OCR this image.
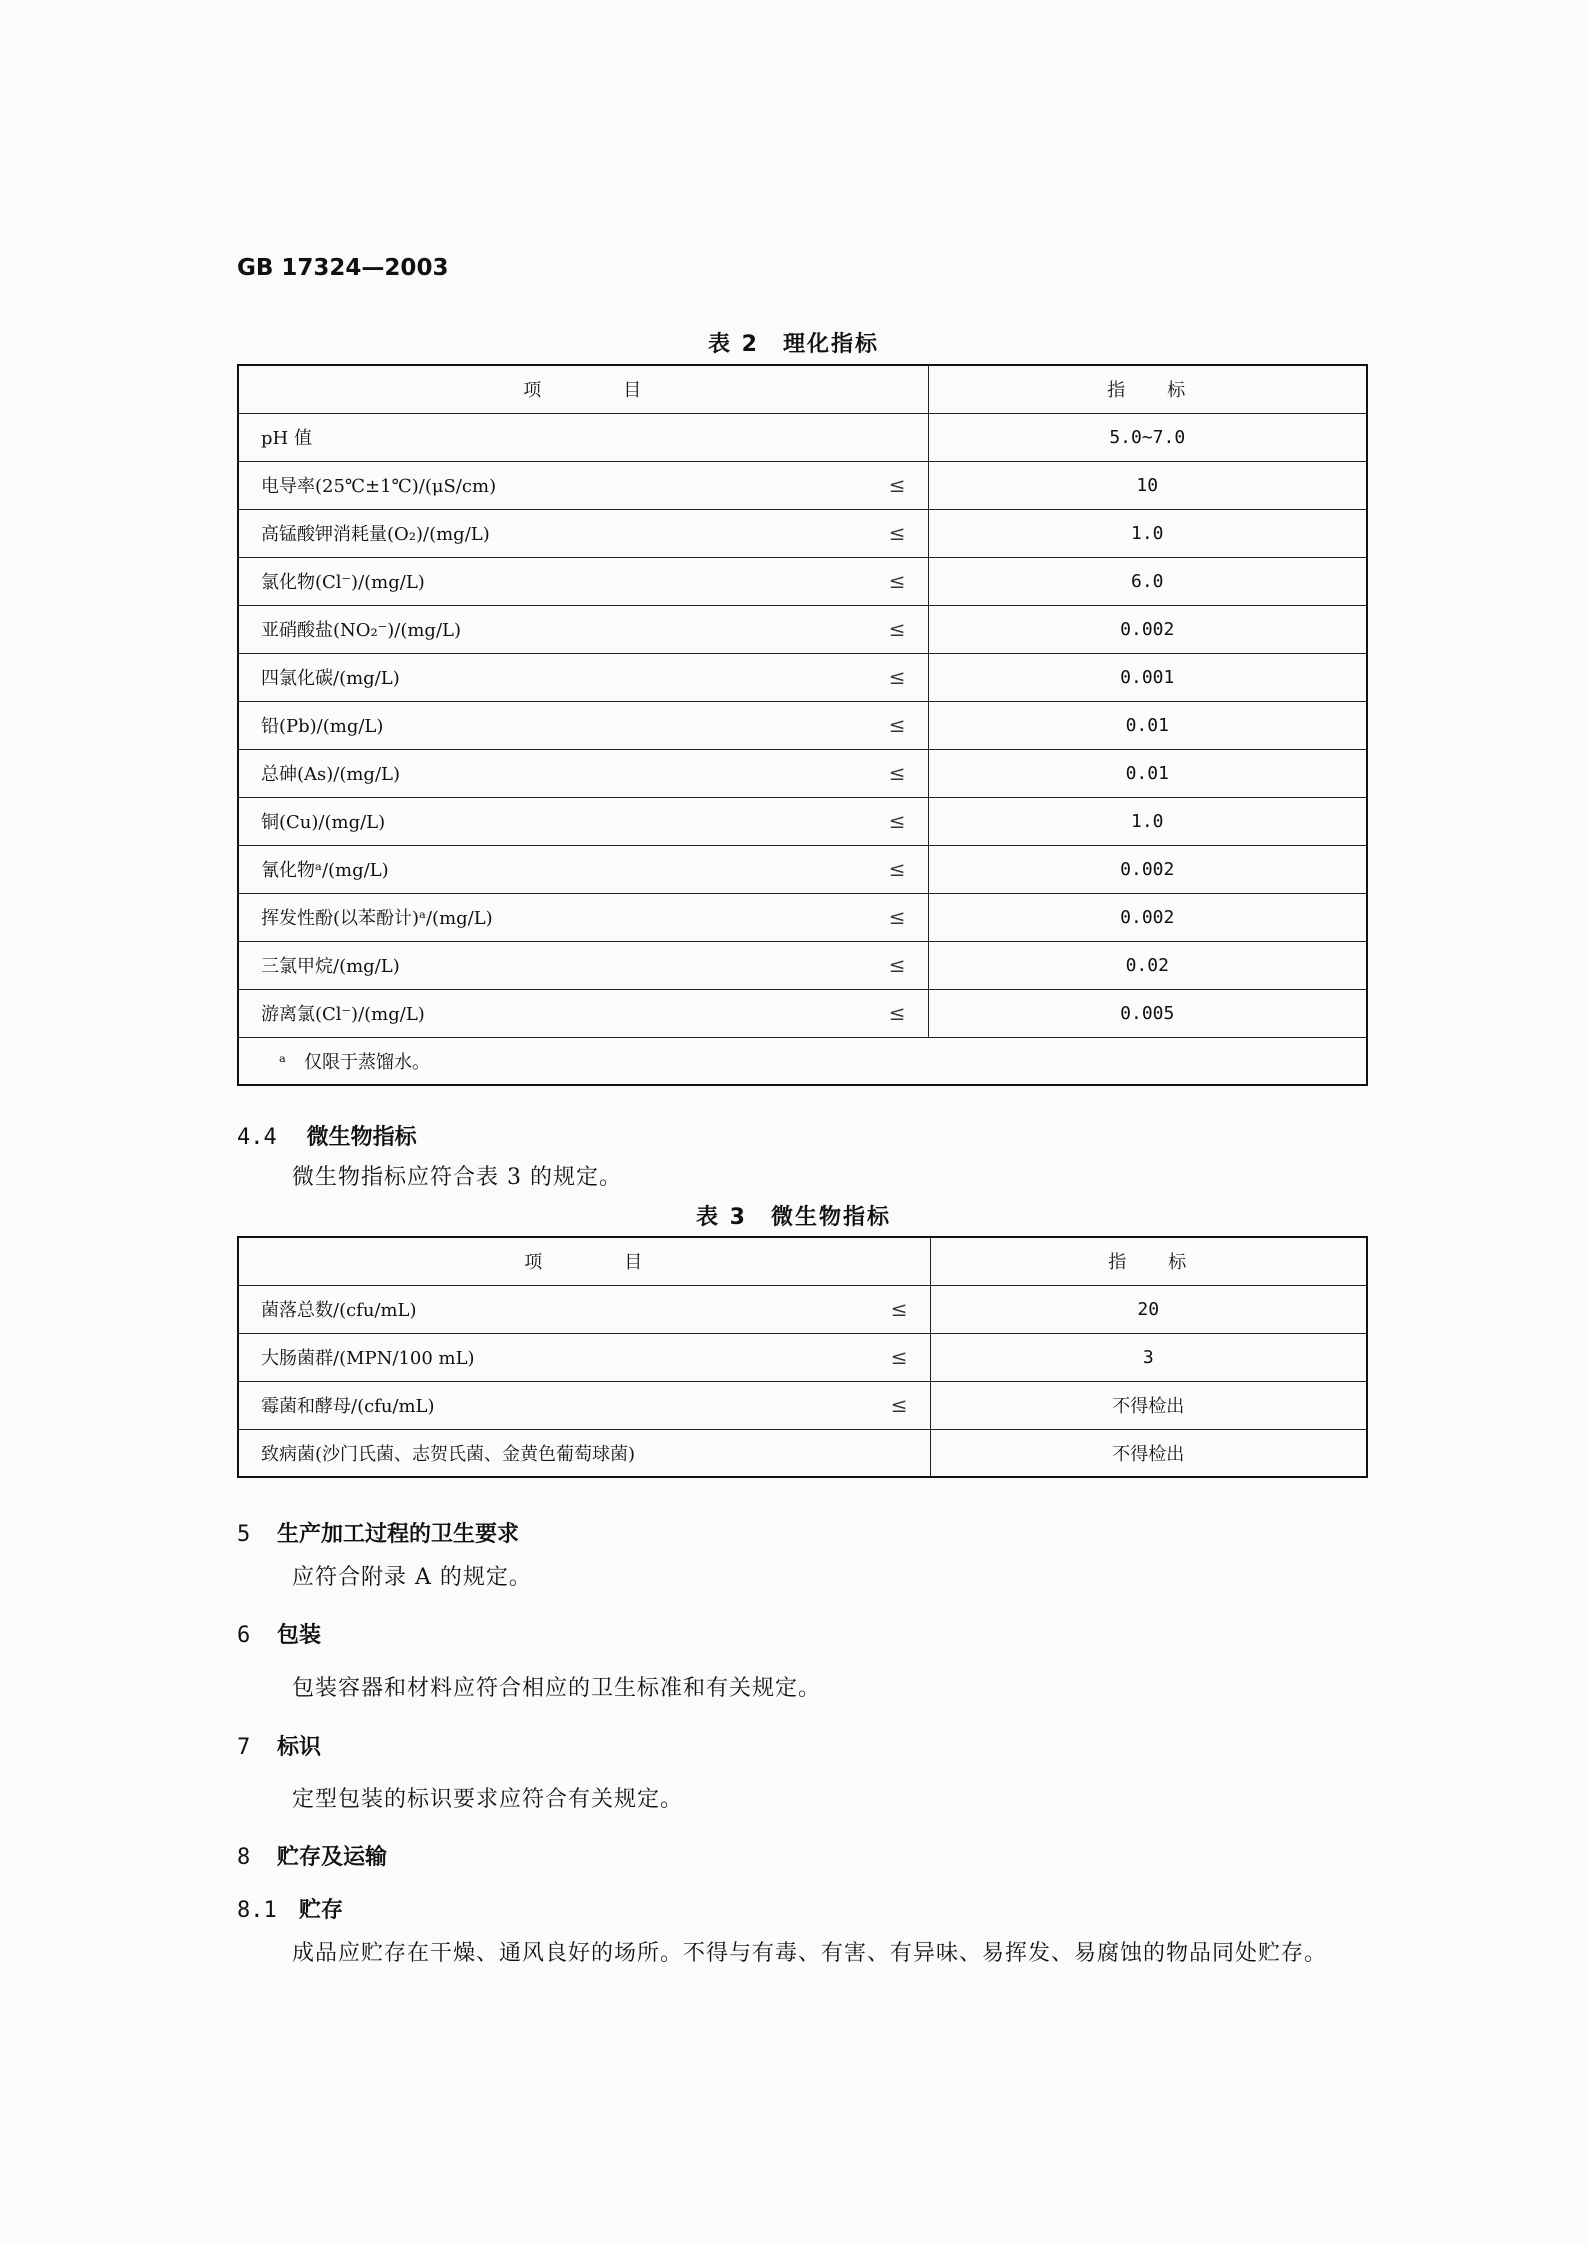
GB 17324—2003
表 2　理化指标
项　　　　目	指　　标

pH 值	5.0~7.0

电导率(25℃±1℃)/(μS/cm) ≤	10

高锰酸钾消耗量(O₂)/(mg/L) ≤	1.0

氯化物(Cl⁻)/(mg/L) ≤	6.0

亚硝酸盐(NO₂⁻)/(mg/L) ≤	0.002

四氯化碳/(mg/L) ≤	0.001

铅(Pb)/(mg/L) ≤	0.01

总砷(As)/(mg/L) ≤	0.01

铜(Cu)/(mg/L) ≤	1.0

氰化物ᵃ/(mg/L) ≤	0.002

挥发性酚(以苯酚计)ᵃ/(mg/L) ≤	0.002

三氯甲烷/(mg/L) ≤	0.02

游离氯(Cl⁻)/(mg/L) ≤	0.005
ᵃ　仅限于蒸馏水。	
4.4 微生物指标
微生物指标应符合表 3 的规定。
表 3　微生物指标
项　　　　目	指　　标

菌落总数/(cfu/mL) ≤	20

大肠菌群/(MPN/100 mL) ≤	3

霉菌和酵母/(cfu/mL) ≤	不得检出

致病菌(沙门氏菌、志贺氏菌、金黄色葡萄球菌)	不得检出
5 生产加工过程的卫生要求
应符合附录 A 的规定。
6 包装
包装容器和材料应符合相应的卫生标准和有关规定。
7 标识
定型包装的标识要求应符合有关规定。
8 贮存及运输
8.1 贮存
成品应贮存在干燥、通风良好的场所。不得与有毒、有害、有异味、易挥发、易腐蚀的物品同处贮存。
